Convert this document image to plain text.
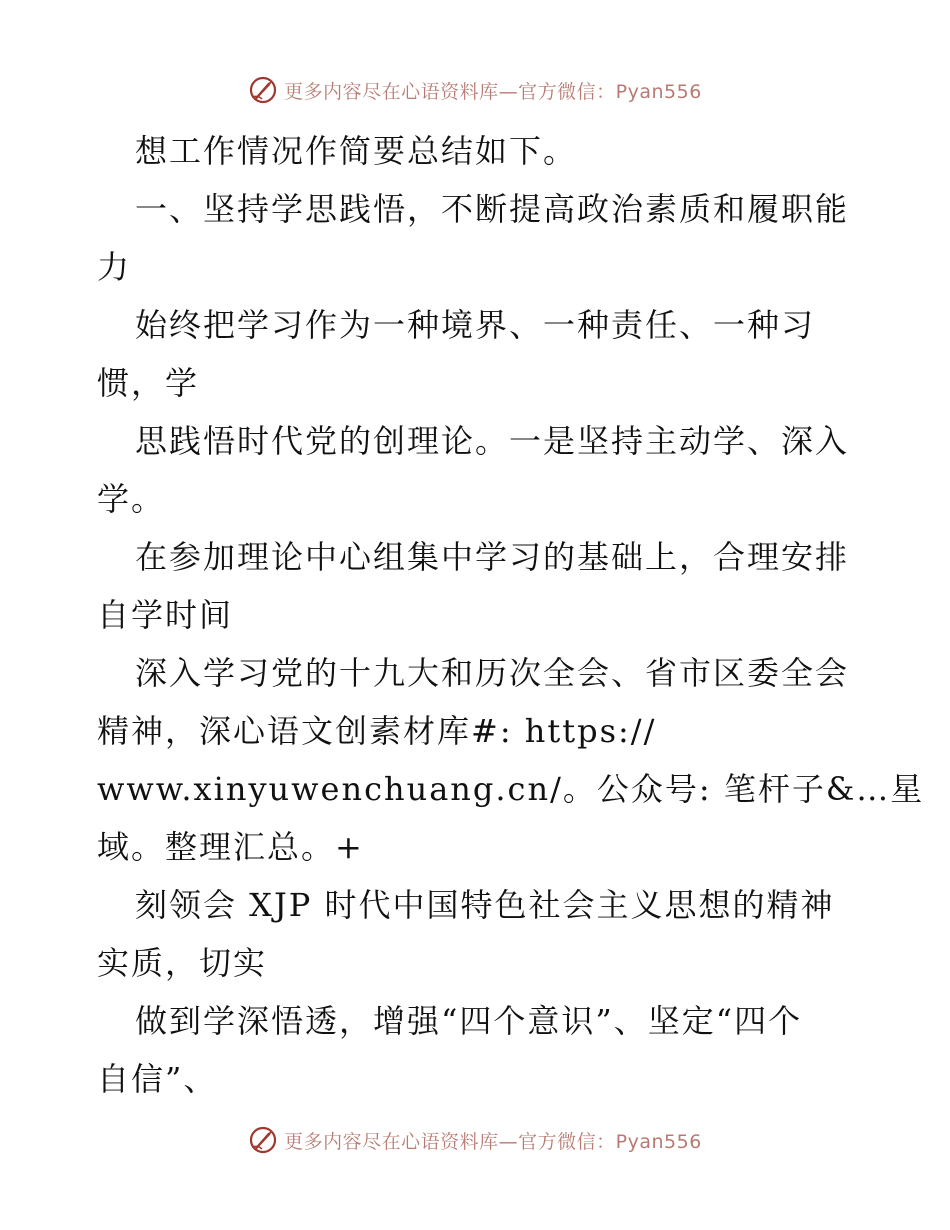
更多内容尽在心语资料库—官方微信：Pyan556
想工作情况作简要总结如下。
一、坚持学思践悟，不断提高政治素质和履职能
力
始终把学习作为一种境界、一种责任、一种习
惯，学
思践悟时代党的创理论。一是坚持主动学、深入
学。
在参加理论中心组集中学习的基础上，合理安排
自学时间
深入学习党的十九大和历次全会、省市区委全会
精神，深心语文创素材库#: https://
www.xinyuwenchuang.cn/。公众号: 笔杆子&…星
域。整理汇总。+
刻领会 XJP 时代中国特色社会主义思想的精神
实质，切实
做到学深悟透，增强“四个意识”、坚定“四个
自信”、
更多内容尽在心语资料库—官方微信：Pyan556
